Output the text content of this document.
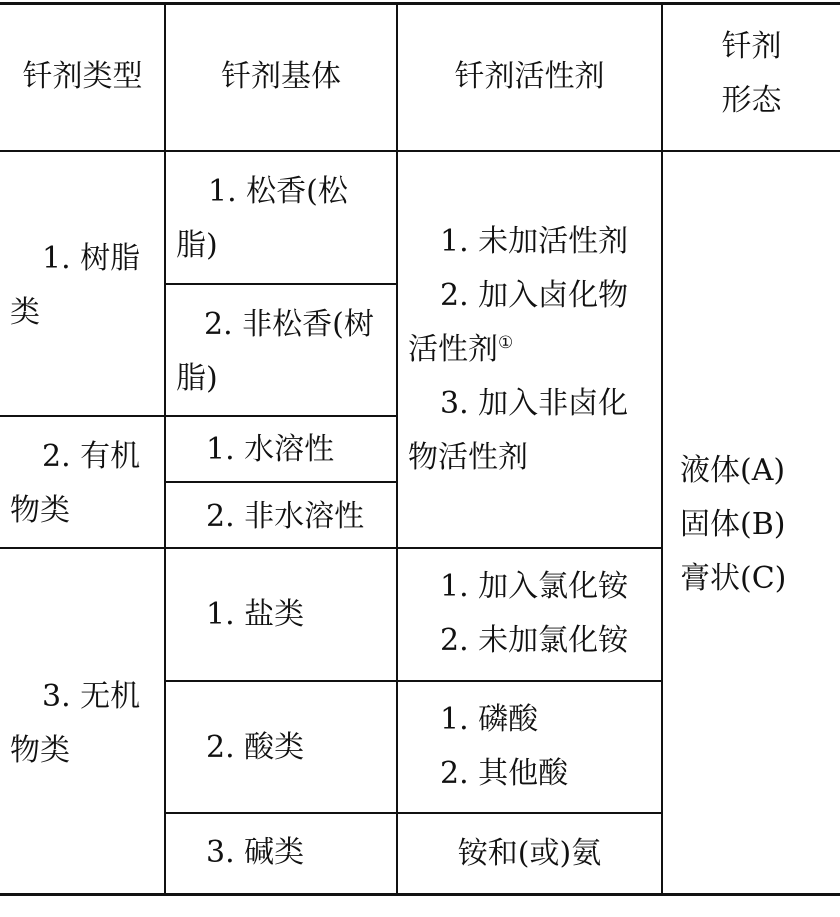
钎剂类型	钎剂基体	钎剂活性剂
钎剂
形态
1. 树脂
类
2. 有机
物类
3. 无机
物类
1. 松香(松
脂)
2. 非松香(树
脂)
1. 水溶性
2. 非水溶性
1. 盐类
2. 酸类
3. 碱类
1. 未加活性剂
2. 加入卤化物
活性剂①
3. 加入非卤化
物活性剂
1. 加入氯化铵
2. 未加氯化铵
1. 磷酸
2. 其他酸
铵和(或)氨
液体(A)
固体(B)
膏状(C)
